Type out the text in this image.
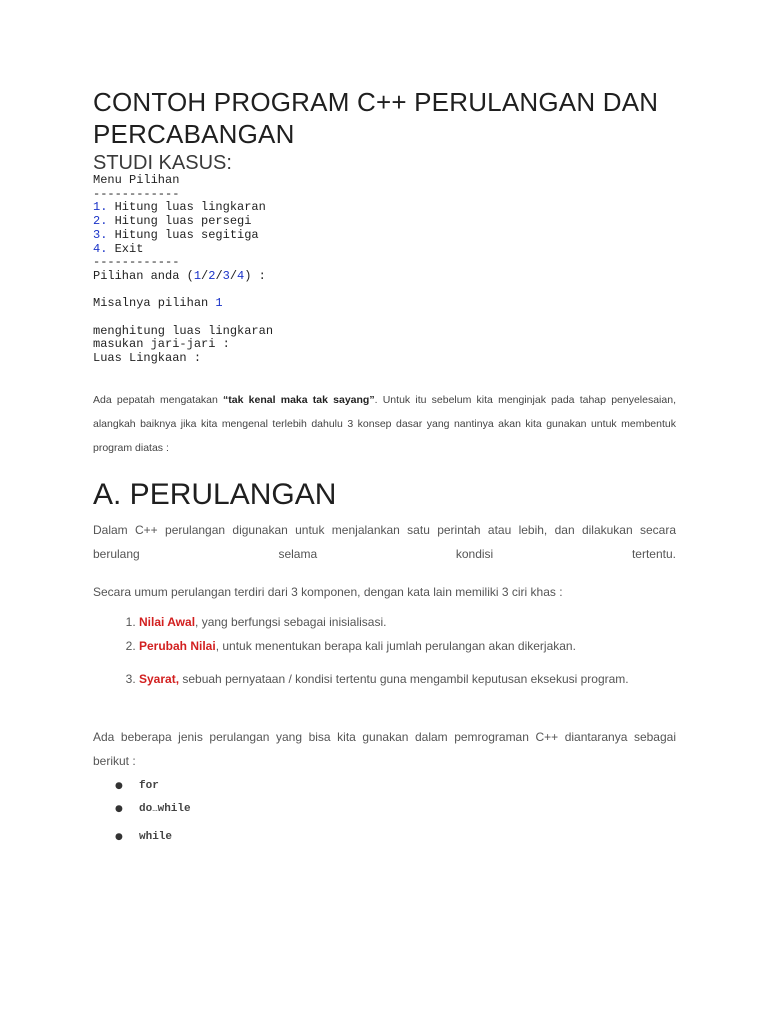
CONTOH PROGRAM C++ PERULANGAN DAN PERCABANGAN
STUDI KASUS:
Menu Pilihan
------------
1. Hitung luas lingkaran
2. Hitung luas persegi
3. Hitung luas segitiga
4. Exit
------------
Pilihan anda (1/2/3/4) :

Misalnya pilihan 1

menghitung luas lingkaran
masukan jari-jari :
Luas Lingkaan :

Ada pepatah mengatakan “tak kenal maka tak sayang”. Untuk itu sebelum kita menginjak pada tahap penyelesaian, alangkah baiknya jika kita mengenal terlebih dahulu 3 konsep dasar yang nantinya akan kita gunakan untuk membentuk program diatas :

A. PERULANGAN

Dalam C++ perulangan digunakan untuk menjalankan satu perintah atau lebih, dan dilakukan secara berulang selama kondisi tertentu.

Secara umum perulangan terdiri dari 3 komponen, dengan kata lain memiliki 3 ciri khas :

1. Nilai Awal, yang berfungsi sebagai inisialisasi.
2. Perubah Nilai, untuk menentukan berapa kali jumlah perulangan akan dikerjakan.
3. Syarat, sebuah pernyataan / kondisi tertentu guna mengambil keputusan eksekusi program.

Ada beberapa jenis perulangan yang bisa kita gunakan dalam pemrograman C++ diantaranya sebagai berikut :

● for
● do…while
● while
